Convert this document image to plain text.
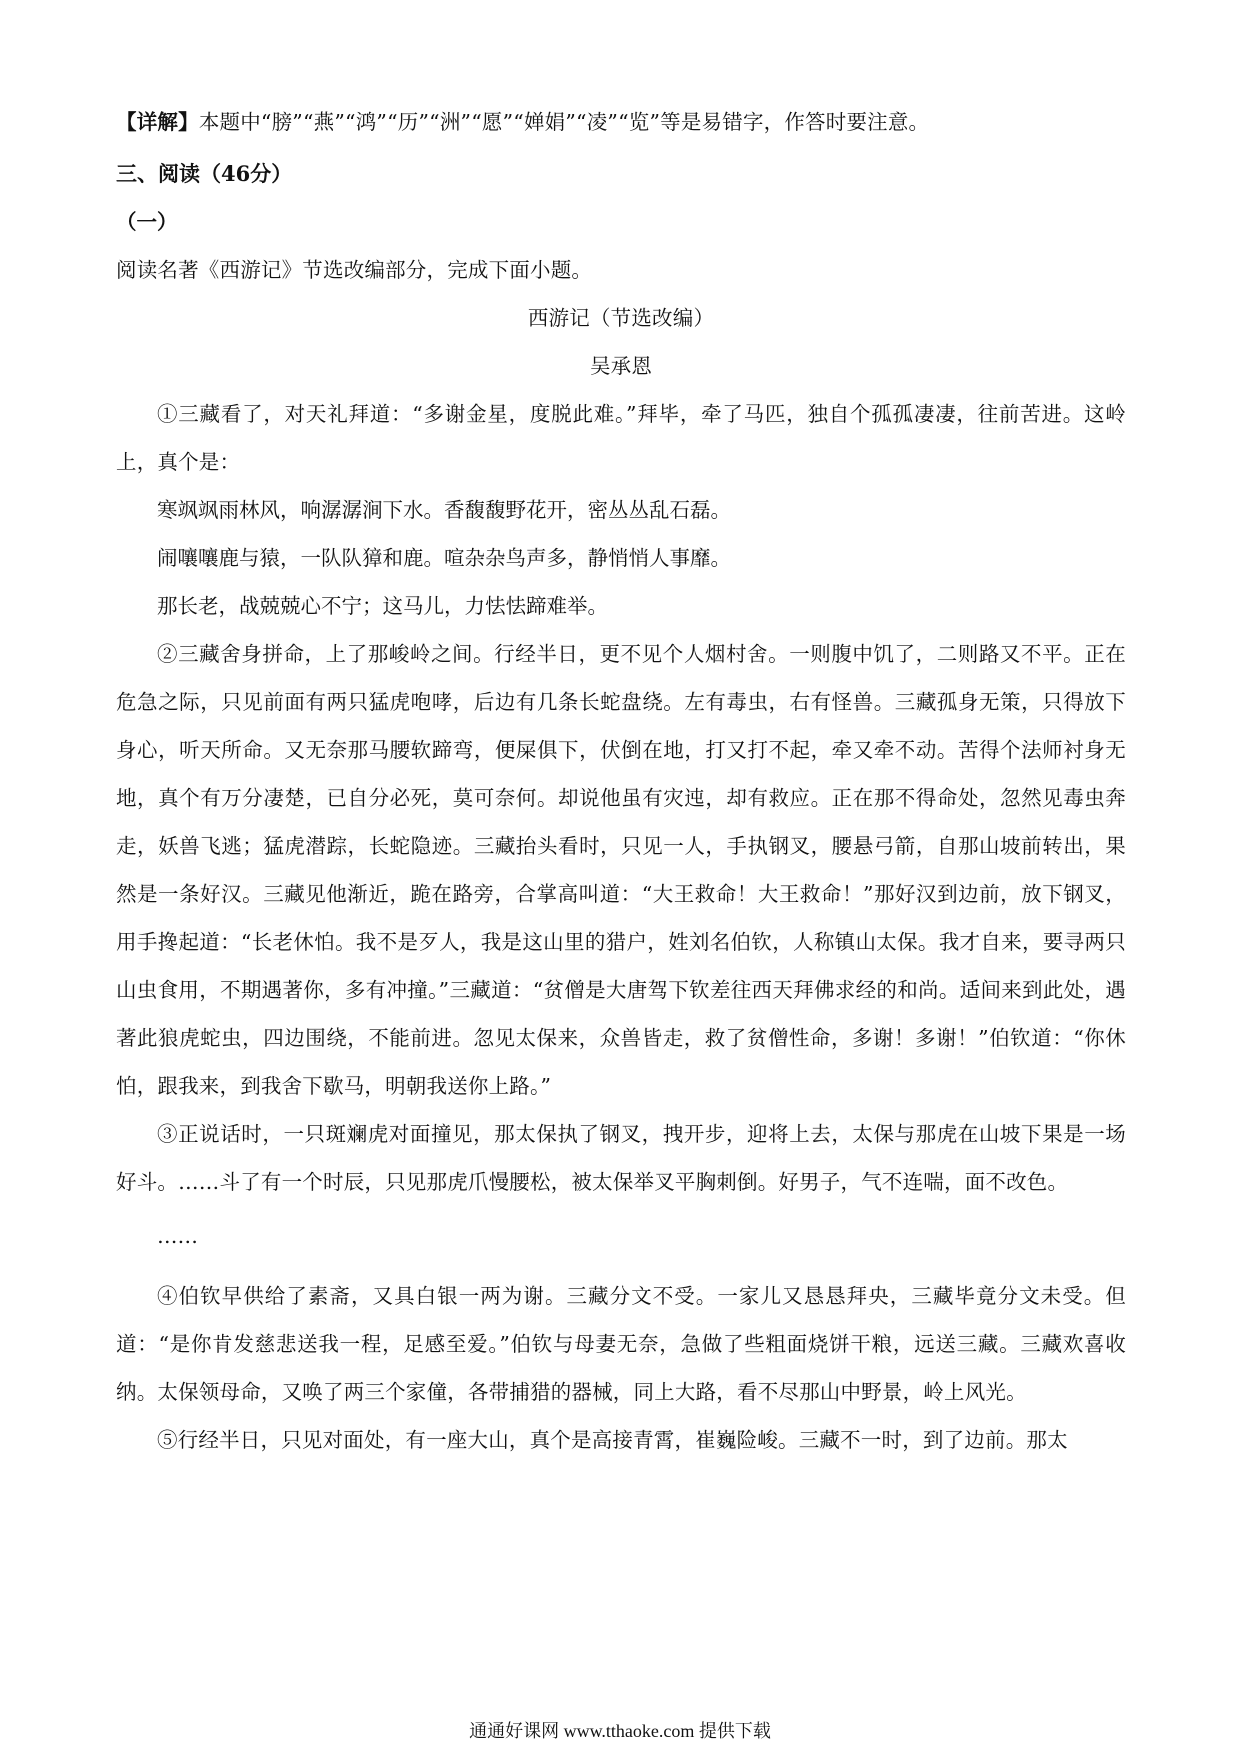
【详解】本题中“膀”“燕”“鸿”“历”“洲”“愿”“婵娟”“凌”“览”等是易错字，作答时要注意。

三、阅读（46分）

（一）

阅读名著《西游记》节选改编部分，完成下面小题。

西游记（节选改编）

吴承恩

①三藏看了，对天礼拜道：“多谢金星，度脱此难。”拜毕，牵了马匹，独自个孤孤凄凄，往前苦进。这岭上，真个是：

寒飒飒雨林风，响潺潺涧下水。香馥馥野花开，密丛丛乱石磊。

闹嚷嚷鹿与猿，一队队獐和鹿。喧杂杂鸟声多，静悄悄人事靡。

那长老，战兢兢心不宁；这马儿，力怯怯蹄难举。

②三藏舍身拼命，上了那峻岭之间。行经半日，更不见个人烟村舍。一则腹中饥了，二则路又不平。正在危急之际，只见前面有两只猛虎咆哮，后边有几条长蛇盘绕。左有毒虫，右有怪兽。三藏孤身无策，只得放下身心，听天所命。又无奈那马腰软蹄弯，便屎俱下，伏倒在地，打又打不起，牵又牵不动。苦得个法师衬身无地，真个有万分凄楚，已自分必死，莫可奈何。却说他虽有灾迍，却有救应。正在那不得命处，忽然见毒虫奔走，妖兽飞逃；猛虎潜踪，长蛇隐迹。三藏抬头看时，只见一人，手执钢叉，腰悬弓箭，自那山坡前转出，果然是一条好汉。三藏见他渐近，跪在路旁，合掌高叫道：“大王救命！大王救命！”那好汉到边前，放下钢叉，用手搀起道：“长老休怕。我不是歹人，我是这山里的猎户，姓刘名伯钦，人称镇山太保。我才自来，要寻两只山虫食用，不期遇著你，多有冲撞。”三藏道：“贫僧是大唐驾下钦差往西天拜佛求经的和尚。适间来到此处，遇著此狼虎蛇虫，四边围绕，不能前进。忽见太保来，众兽皆走，救了贫僧性命，多谢！多谢！”伯钦道：“你休怕，跟我来，到我舍下歇马，明朝我送你上路。”

③正说话时，一只斑斓虎对面撞见，那太保执了钢叉，拽开步，迎将上去，太保与那虎在山坡下果是一场好斗。……斗了有一个时辰，只见那虎爪慢腰松，被太保举叉平胸刺倒。好男子，气不连喘，面不改色。

……

④伯钦早供给了素斋，又具白银一两为谢。三藏分文不受。一家儿又恳恳拜央，三藏毕竟分文未受。但道：“是你肯发慈悲送我一程，足感至爱。”伯钦与母妻无奈，急做了些粗面烧饼干粮，远送三藏。三藏欢喜收纳。太保领母命，又唤了两三个家僮，各带捕猎的器械，同上大路，看不尽那山中野景，岭上风光。

⑤行经半日，只见对面处，有一座大山，真个是高接青霄，崔巍险峻。三藏不一时，到了边前。那太

通通好课网 www.tthaoke.com 提供下载
